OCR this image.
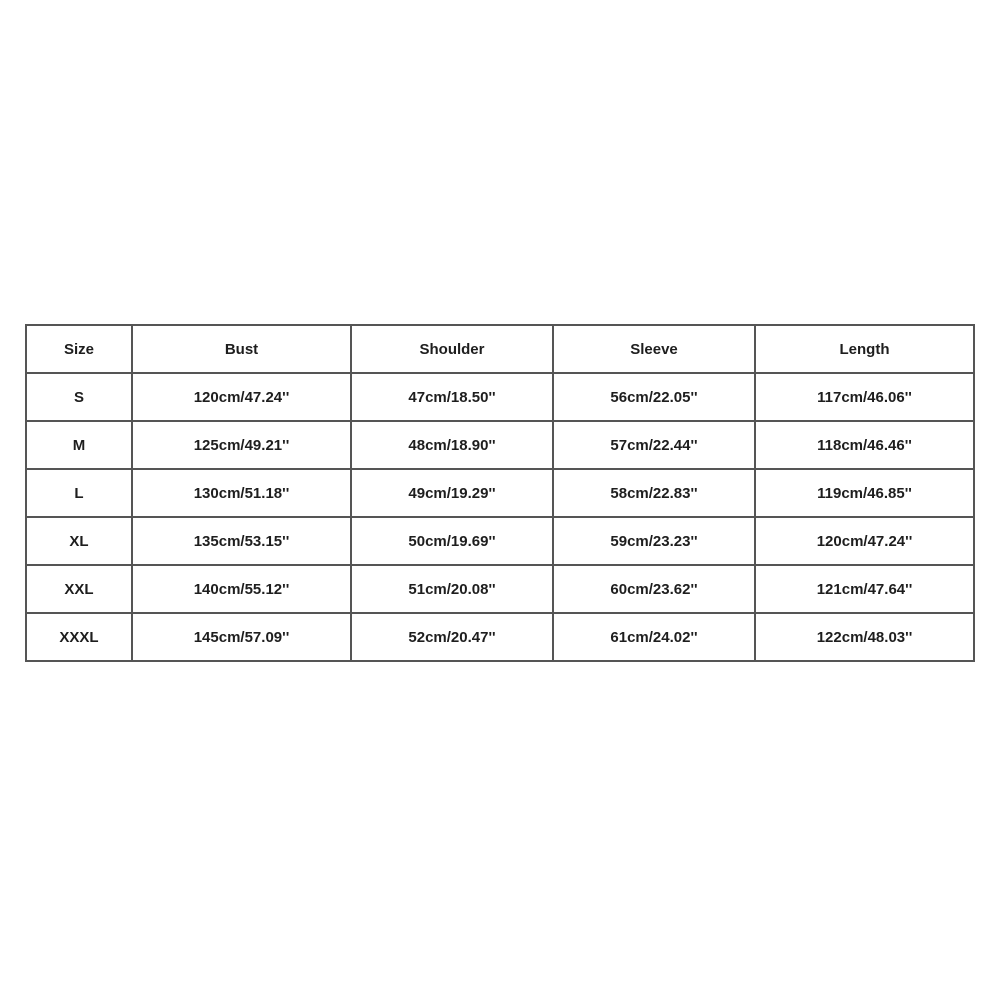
Size	Bust	Shoulder	Sleeve	Length
S	120cm/47.24''	47cm/18.50''	56cm/22.05''	117cm/46.06''
M	125cm/49.21''	48cm/18.90''	57cm/22.44''	118cm/46.46''
L	130cm/51.18''	49cm/19.29''	58cm/22.83''	119cm/46.85''
XL	135cm/53.15''	50cm/19.69''	59cm/23.23''	120cm/47.24''
XXL	140cm/55.12''	51cm/20.08''	60cm/23.62''	121cm/47.64''
XXXL	145cm/57.09''	52cm/20.47''	61cm/24.02''	122cm/48.03''
